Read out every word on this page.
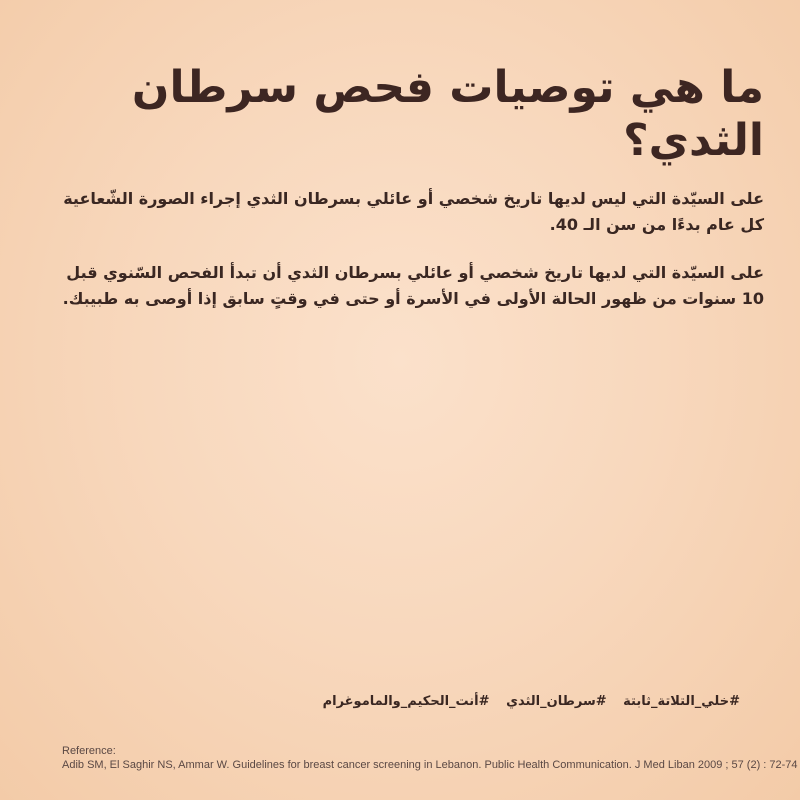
ما هي توصيات فحص سرطان الثدي؟

على السيّدة التي ليس لديها تاريخ شخصي أو عائلي بسرطان الثدي إجراء الصورة الشّعاعية كل عام بدءًا من سن الـ 40.

على السيّدة التي لديها تاريخ شخصي أو عائلي بسرطان الثدي أن تبدأ الفحص السّنوي قبل 10 سنوات من ظهور الحالة الأولى في الأسرة أو حتى في وقتٍ سابق إذا أوصى به طبيبك.

#خلي_التلاتة_ثابتة #سرطان_الثدي #أنت_الحكيم_والماموغرام
Reference:
Adib SM, El Saghir NS, Ammar W. Guidelines for breast cancer screening in Lebanon. Public Health Communication. J Med Liban 2009 ; 57 (2) : 72-74
